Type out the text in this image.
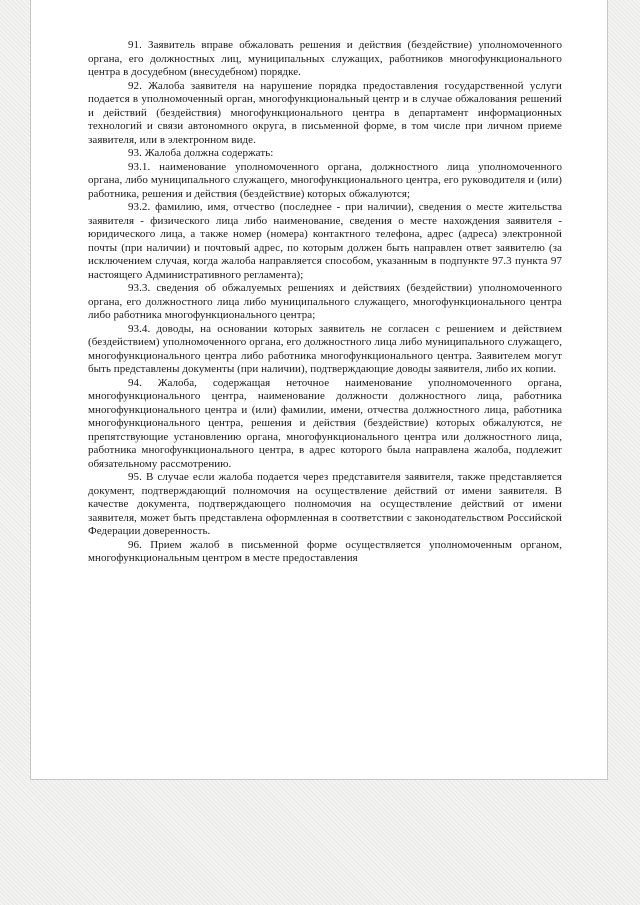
91. Заявитель вправе обжаловать решения и действия (бездействие) уполномоченного органа, его должностных лиц, муниципальных служащих, работников многофункционального центра в досудебном (внесудебном) порядке.

92. Жалоба заявителя на нарушение порядка предоставления государственной услуги подается в уполномоченный орган, многофункциональный центр и в случае обжалования решений и действий (бездействия) многофункционального центра в департамент информационных технологий и связи автономного округа, в письменной форме, в том числе при личном приеме заявителя, или в электронном виде.

93. Жалоба должна содержать:

93.1. наименование уполномоченного органа, должностного лица уполномоченного органа, либо муниципального служащего, многофункционального центра, его руководителя и (или) работника, решения и действия (бездействие) которых обжалуются;

93.2. фамилию, имя, отчество (последнее - при наличии), сведения о месте жительства заявителя - физического лица либо наименование, сведения о месте нахождения заявителя - юридического лица, а также номер (номера) контактного телефона, адрес (адреса) электронной почты (при наличии) и почтовый адрес, по которым должен быть направлен ответ заявителю (за исключением случая, когда жалоба направляется способом, указанным в подпункте 97.3 пункта 97 настоящего Административного регламента);

93.3. сведения об обжалуемых решениях и действиях (бездействии) уполномоченного органа, его должностного лица либо муниципального служащего, многофункционального центра либо работника многофункционального центра;

93.4. доводы, на основании которых заявитель не согласен с решением и действием (бездействием) уполномоченного органа, его должностного лица либо муниципального служащего, многофункционального центра либо работника многофункционального центра. Заявителем могут быть представлены документы (при наличии), подтверждающие доводы заявителя, либо их копии.

94. Жалоба, содержащая неточное наименование уполномоченного органа, многофункционального центра, наименование должности должностного лица, работника многофункционального центра и (или) фамилии, имени, отчества должностного лица, работника многофункционального центра, решения и действия (бездействие) которых обжалуются, не препятствующие установлению органа, многофункционального центра или должностного лица, работника многофункционального центра, в адрес которого была направлена жалоба, подлежит обязательному рассмотрению.

95. В случае если жалоба подается через представителя заявителя, также представляется документ, подтверждающий полномочия на осуществление действий от имени заявителя. В качестве документа, подтверждающего полномочия на осуществление действий от имени заявителя, может быть представлена оформленная в соответствии с законодательством Российской Федерации доверенность.

96. Прием жалоб в письменной форме осуществляется уполномоченным органом, многофункциональным центром в месте предоставления
